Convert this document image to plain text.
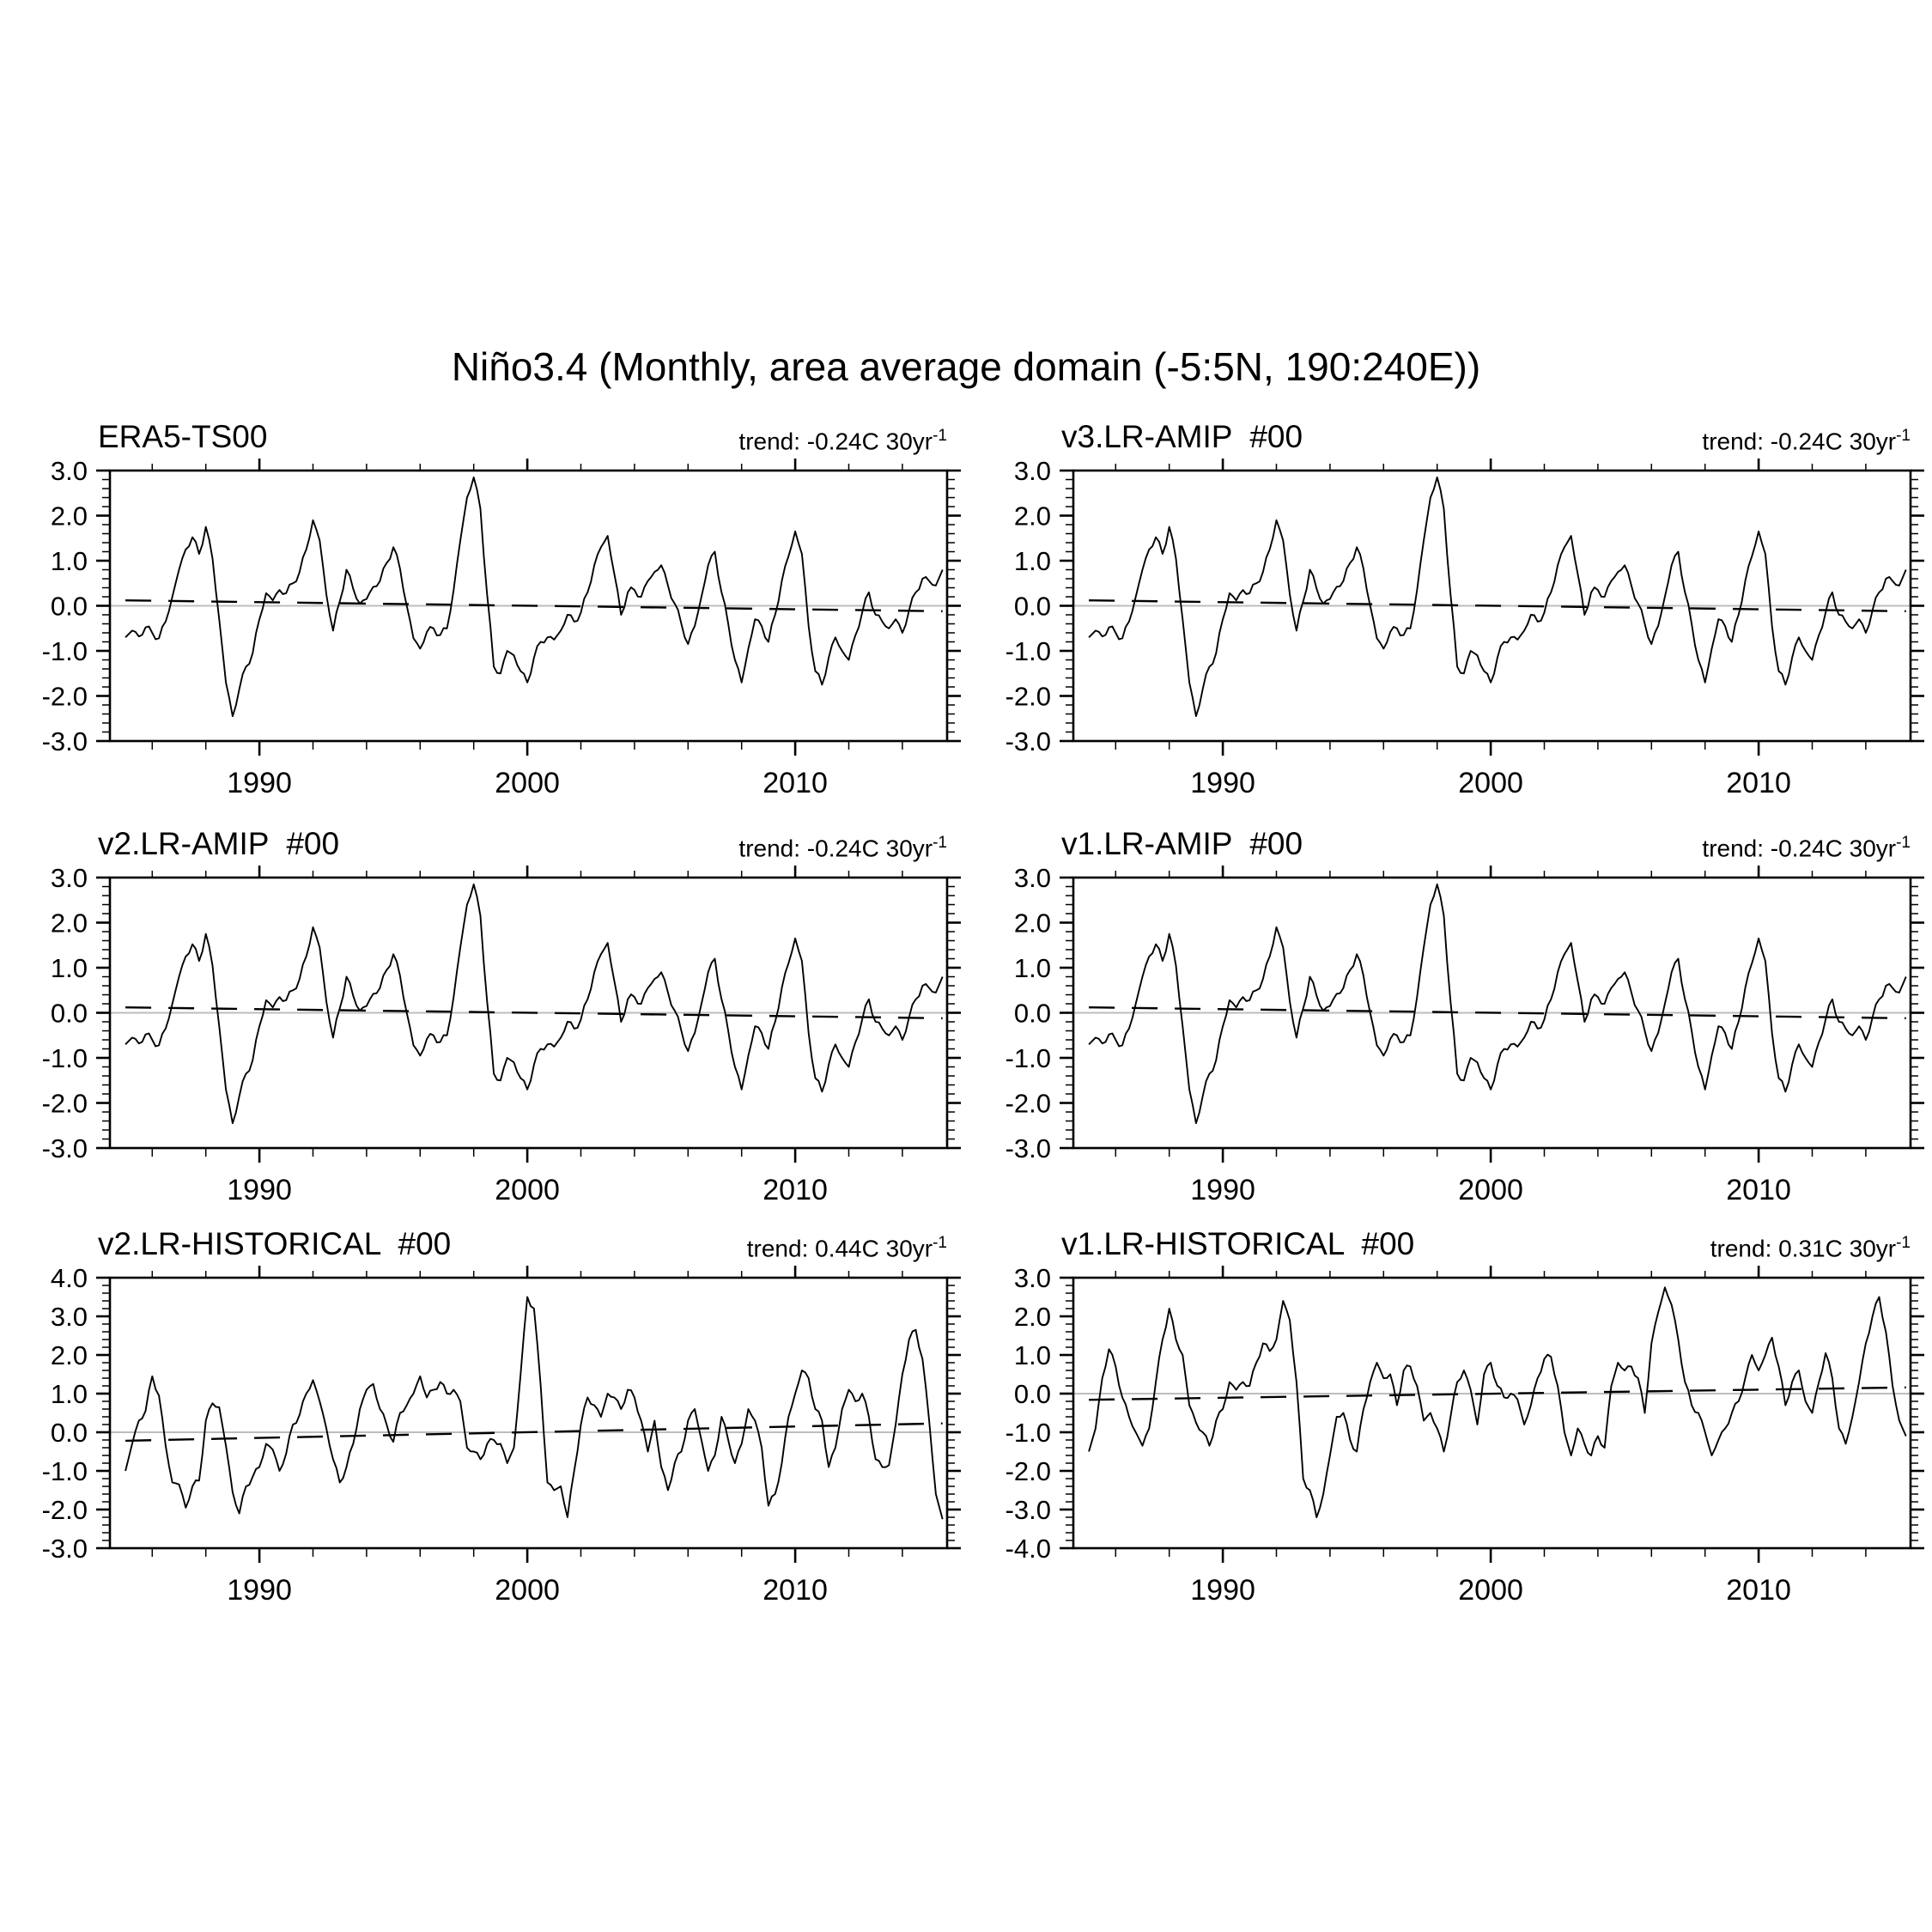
Niño3.4 (Monthly, area average domain (-5:5N, 190:240E))
ERA5-TS00	trend: -0.24C $30yr^{-1}$
-3.0
-2.0
-1.0
0.0
1.0
2.0
3.0
1990	2000	2010
v3.LR-AMIP  #00	trend: -0.24C $30yr^{-1}$
-3.0
-2.0
-1.0
0.0
1.0
2.0
3.0
1990	2000	2010
v2.LR-AMIP  #00	trend: -0.24C $30yr^{-1}$
-3.0
-2.0
-1.0
0.0
1.0
2.0
3.0
1990	2000	2010
v1.LR-AMIP  #00	trend: -0.24C $30yr^{-1}$
-3.0
-2.0
-1.0
0.0
1.0
2.0
3.0
1990	2000	2010
v2.LR-HISTORICAL  #00	trend: 0.44C $30yr^{-1}$
-3.0
-2.0
-1.0
0.0
1.0
2.0
3.0
4.0
1990	2000	2010
v1.LR-HISTORICAL  #00	trend: 0.31C $30yr^{-1}$
-4.0
-3.0
-2.0
-1.0
0.0
1.0
2.0
3.0
1990	2000	2010
